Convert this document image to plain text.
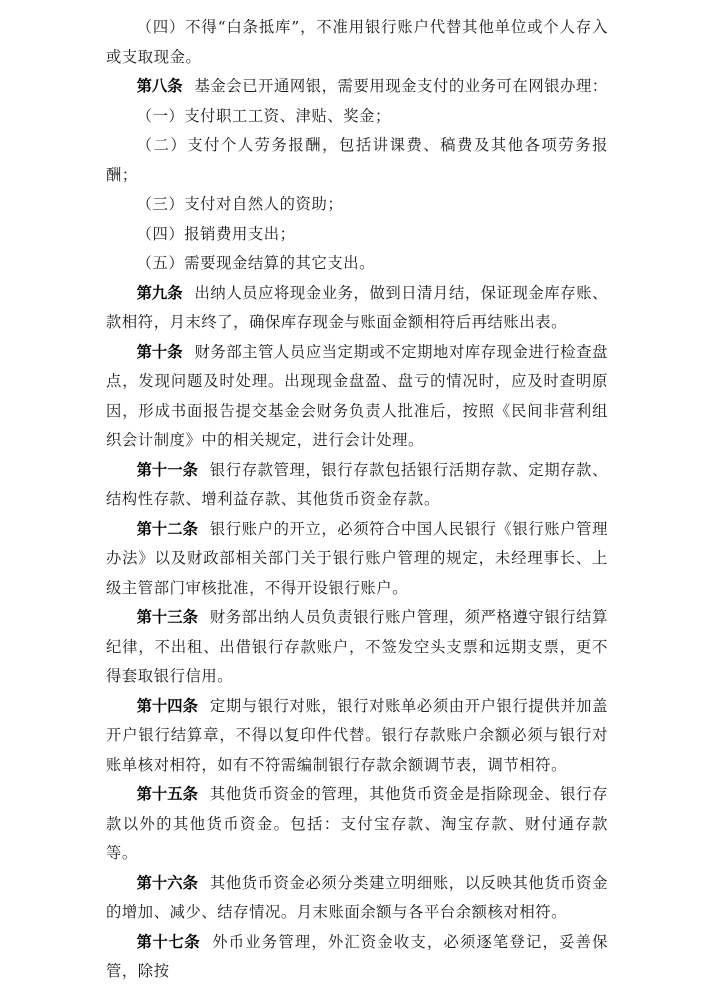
（四）不得“白条抵库”，不准用银行账户代替其他单位或个人存入或支取现金。

第八条 基金会已开通网银，需要用现金支付的业务可在网银办理：

（一）支付职工工资、津贴、奖金；

（二）支付个人劳务报酬，包括讲课费、稿费及其他各项劳务报酬；

（三）支付对自然人的资助；

（四）报销费用支出；

（五）需要现金结算的其它支出。

第九条 出纳人员应将现金业务，做到日清月结，保证现金库存账、款相符，月末终了，确保库存现金与账面金额相符后再结账出表。

第十条 财务部主管人员应当定期或不定期地对库存现金进行检查盘点，发现问题及时处理。出现现金盘盈、盘亏的情况时，应及时查明原因，形成书面报告提交基金会财务负责人批准后，按照《民间非营利组织会计制度》中的相关规定，进行会计处理。

第十一条 银行存款管理，银行存款包括银行活期存款、定期存款、结构性存款、增利益存款、其他货币资金存款。

第十二条 银行账户的开立，必须符合中国人民银行《银行账户管理办法》以及财政部相关部门关于银行账户管理的规定，未经理事长、上级主管部门审核批准，不得开设银行账户。

第十三条 财务部出纳人员负责银行账户管理，须严格遵守银行结算纪律，不出租、出借银行存款账户，不签发空头支票和远期支票，更不得套取银行信用。

第十四条 定期与银行对账，银行对账单必须由开户银行提供并加盖开户银行结算章，不得以复印件代替。银行存款账户余额必须与银行对账单核对相符，如有不符需编制银行存款余额调节表，调节相符。

第十五条 其他货币资金的管理，其他货币资金是指除现金、银行存款以外的其他货币资金。包括：支付宝存款、淘宝存款、财付通存款等。

第十六条 其他货币资金必须分类建立明细账，以反映其他货币资金的增加、减少、结存情况。月末账面余额与各平台余额核对相符。

第十七条 外币业务管理，外汇资金收支，必须逐笔登记，妥善保管，除按
